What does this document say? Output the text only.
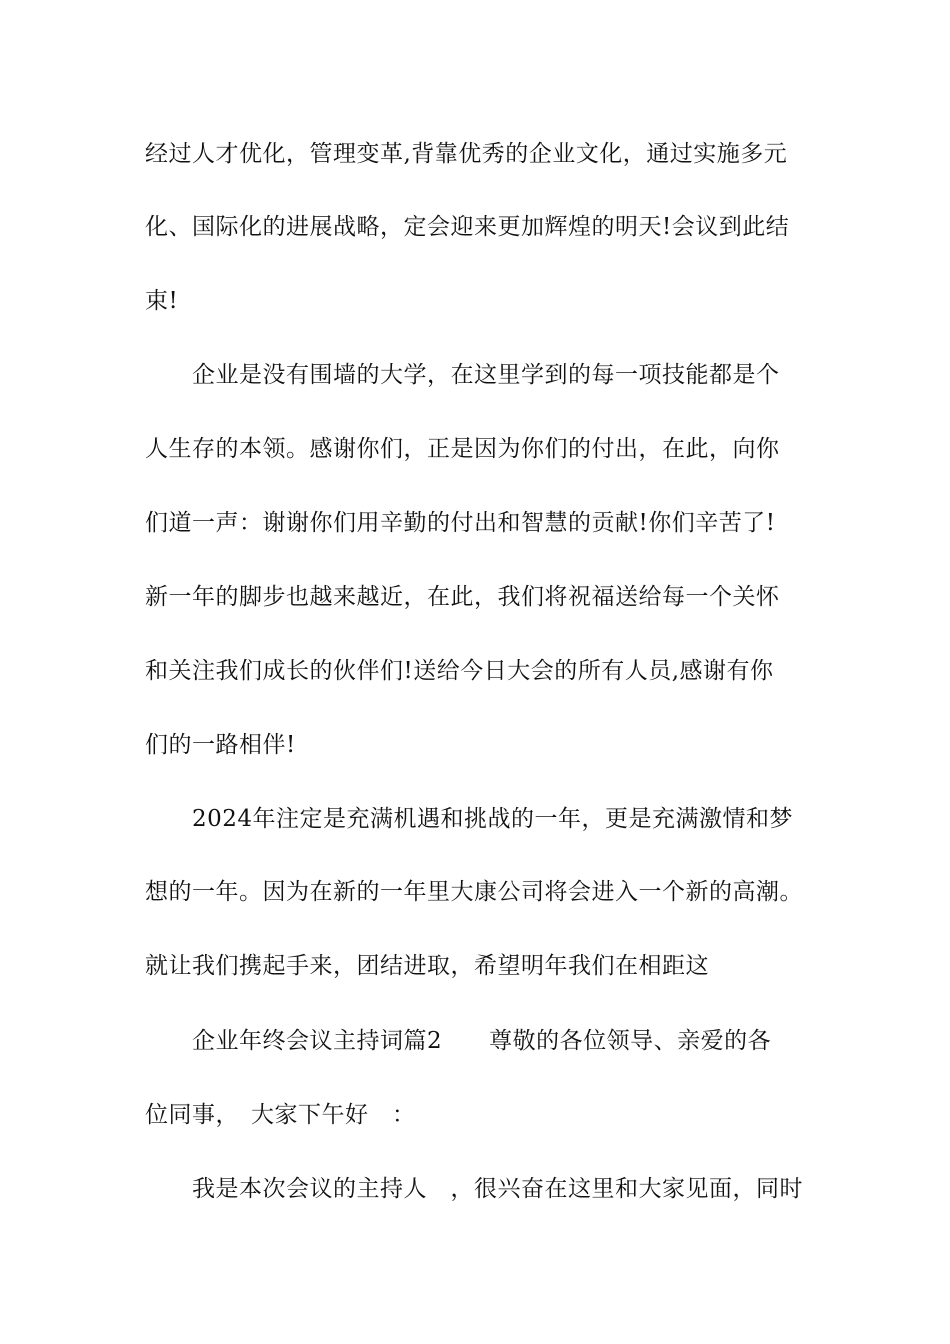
经过人才优化，管理变革,背靠优秀的企业文化，通过实施多元
化、国际化的进展战略，定会迎来更加辉煌的明天!会议到此结
束!
企业是没有围墙的大学，在这里学到的每一项技能都是个
人生存的本领。感谢你们，正是因为你们的付出，在此，向你
们道一声：谢谢你们用辛勤的付出和智慧的贡献!你们辛苦了!
新一年的脚步也越来越近，在此，我们将祝福送给每一个关怀
和关注我们成长的伙伴们!送给今日大会的所有人员,感谢有你
们的一路相伴!
2024年注定是充满机遇和挑战的一年，更是充满激情和梦
想的一年。因为在新的一年里大康公司将会进入一个新的高潮。
就让我们携起手来，团结进取，希望明年我们在相距这
企业年终会议主持词篇2　　尊敬的各位领导、亲爱的各
位同事，　大家下午好　：
我是本次会议的主持人　，很兴奋在这里和大家见面，同时
